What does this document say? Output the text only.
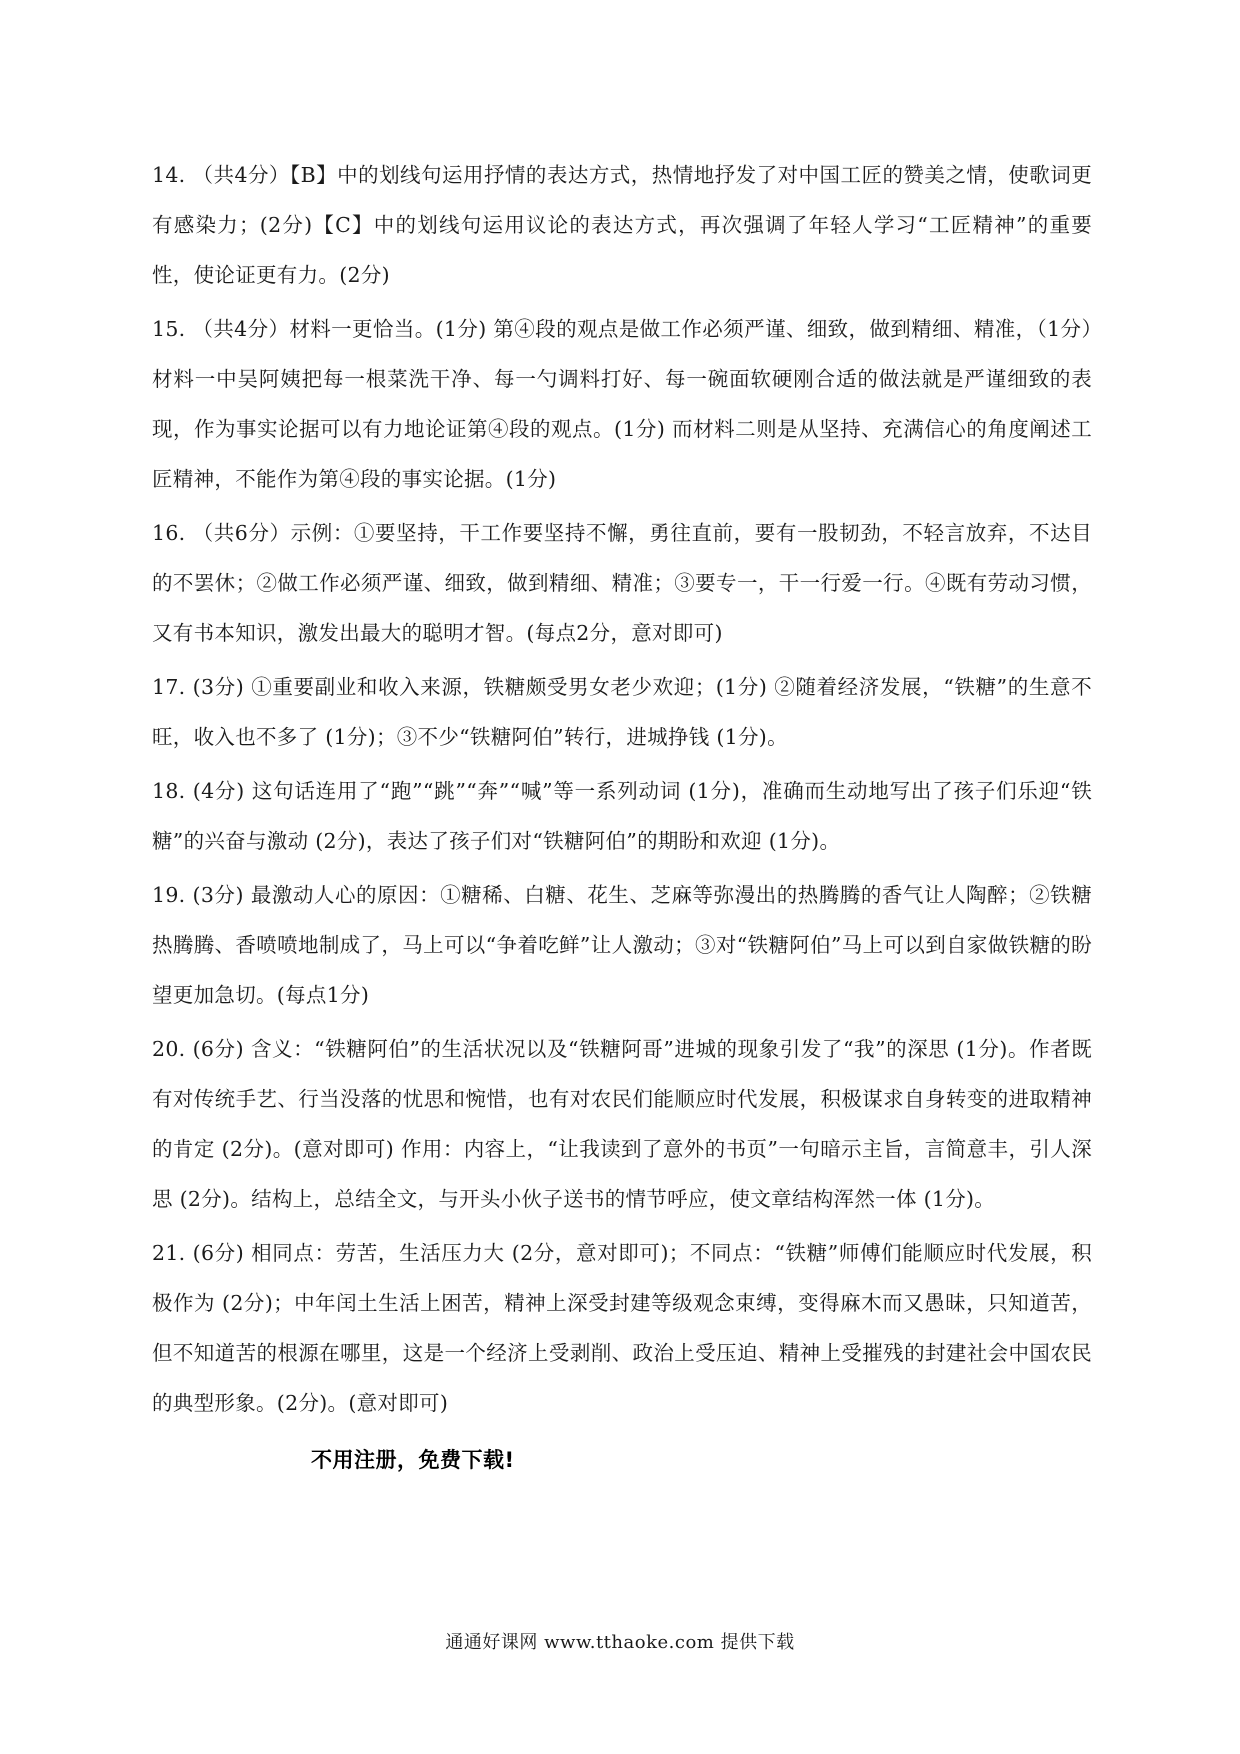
14. （共4分）【B】中的划线句运用抒情的表达方式，热情地抒发了对中国工匠的赞美之情，使歌词更有感染力；(2分)【C】中的划线句运用议论的表达方式，再次强调了年轻人学习“工匠精神”的重要性，使论证更有力。(2分)

15. （共4分）材料一更恰当。(1分) 第④段的观点是做工作必须严谨、细致，做到精细、精准，（1分）材料一中吴阿姨把每一根菜洗干净、每一勺调料打好、每一碗面软硬刚合适的做法就是严谨细致的表现，作为事实论据可以有力地论证第④段的观点。(1分) 而材料二则是从坚持、充满信心的角度阐述工匠精神，不能作为第④段的事实论据。(1分)

16. （共6分）示例：①要坚持，干工作要坚持不懈，勇往直前，要有一股韧劲，不轻言放弃，不达目的不罢休；②做工作必须严谨、细致，做到精细、精准；③要专一，干一行爱一行。④既有劳动习惯，又有书本知识，激发出最大的聪明才智。(每点2分，意对即可)

17. (3分) ①重要副业和收入来源，铁糖颇受男女老少欢迎；(1分) ②随着经济发展，“铁糖”的生意不旺，收入也不多了 (1分)；③不少“铁糖阿伯”转行，进城挣钱 (1分)。

18. (4分) 这句话连用了“跑”“跳”“奔”“喊”等一系列动词 (1分)，准确而生动地写出了孩子们乐迎“铁糖”的兴奋与激动 (2分)，表达了孩子们对“铁糖阿伯”的期盼和欢迎 (1分)。

19. (3分) 最激动人心的原因：①糖稀、白糖、花生、芝麻等弥漫出的热腾腾的香气让人陶醉；②铁糖热腾腾、香喷喷地制成了，马上可以“争着吃鲜”让人激动；③对“铁糖阿伯”马上可以到自家做铁糖的盼望更加急切。(每点1分)

20. (6分) 含义：“铁糖阿伯”的生活状况以及“铁糖阿哥”进城的现象引发了“我”的深思 (1分)。作者既有对传统手艺、行当没落的忧思和惋惜，也有对农民们能顺应时代发展，积极谋求自身转变的进取精神的肯定 (2分)。(意对即可) 作用：内容上，“让我读到了意外的书页”一句暗示主旨，言简意丰，引人深思 (2分)。结构上，总结全文，与开头小伙子送书的情节呼应，使文章结构浑然一体 (1分)。

21. (6分) 相同点：劳苦，生活压力大 (2分，意对即可)；不同点：“铁糖”师傅们能顺应时代发展，积极作为 (2分)；中年闰土生活上困苦，精神上深受封建等级观念束缚，变得麻木而又愚昧，只知道苦，但不知道苦的根源在哪里，这是一个经济上受剥削、政治上受压迫、精神上受摧残的封建社会中国农民的典型形象。(2分)。(意对即可)

不用注册，免费下载!
通通好课网 www.tthaoke.com 提供下载
